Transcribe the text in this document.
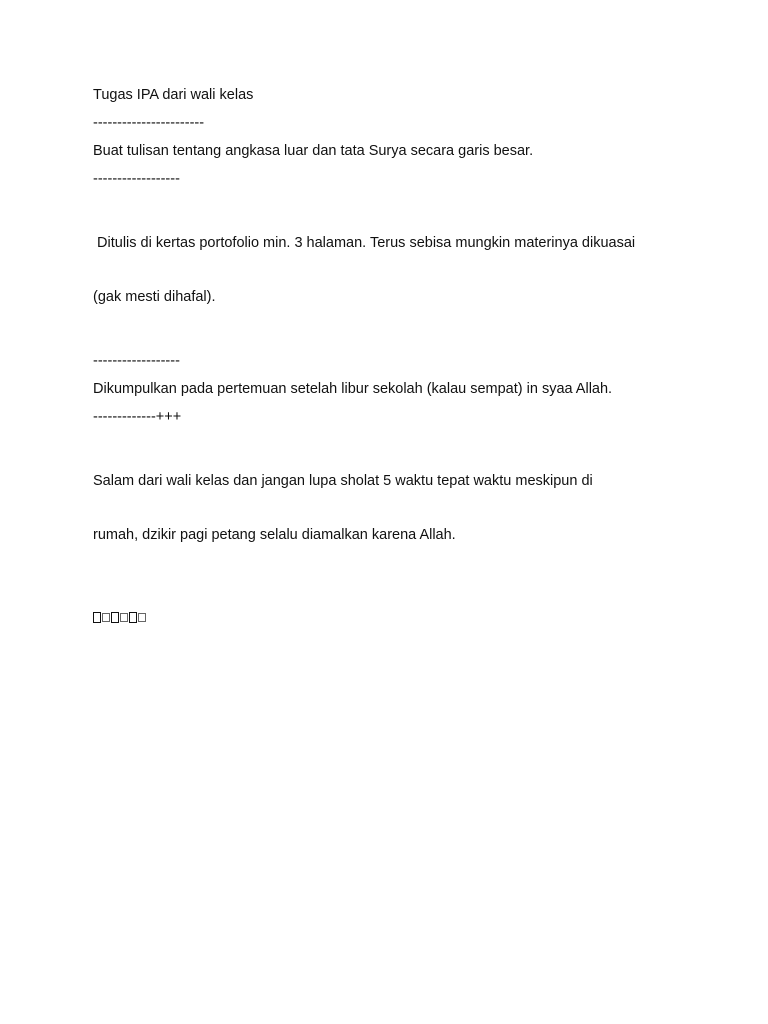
Tugas IPA dari wali kelas
-----------------------
Buat tulisan tentang angkasa luar dan tata Surya secara garis besar.
------------------

Ditulis di kertas portofolio min. 3 halaman. Terus sebisa mungkin materinya dikuasai

(gak mesti dihafal).

------------------
Dikumpulkan pada pertemuan setelah libur sekolah (kalau sempat) in syaa Allah.
-------------+++

Salam dari wali kelas dan jangan lupa sholat 5 waktu tepat waktu meskipun di

rumah, dzikir pagi petang selalu diamalkan karena Allah.
